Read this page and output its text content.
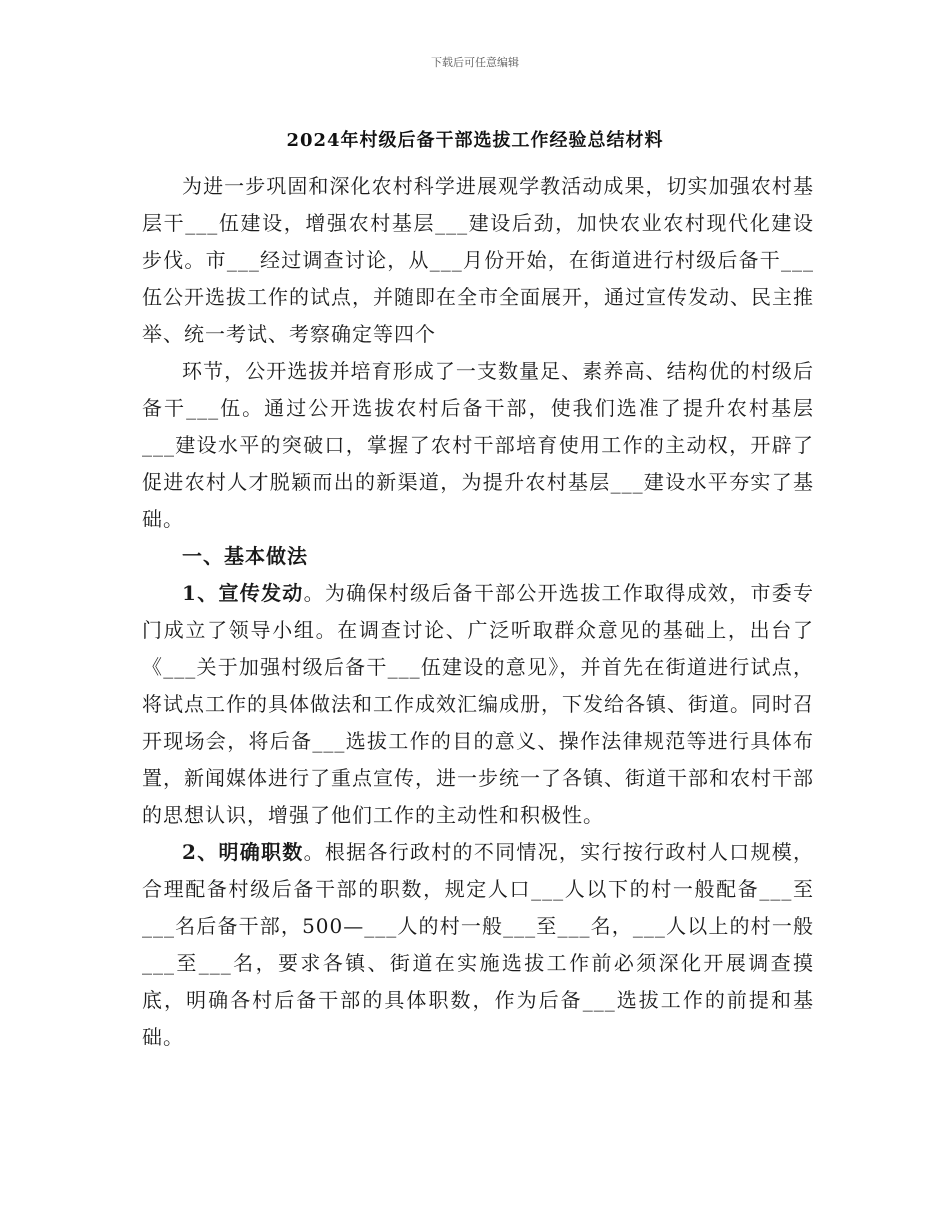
下载后可任意编辑
2024年村级后备干部选拔工作经验总结材料

为进一步巩固和深化农村科学进展观学教活动成果，切实加强农村基层干___伍建设，增强农村基层___建设后劲，加快农业农村现代化建设步伐。市___经过调查讨论，从___月份开始，在街道进行村级后备干___伍公开选拔工作的试点，并随即在全市全面展开，通过宣传发动、民主推举、统一考试、考察确定等四个

环节，公开选拔并培育形成了一支数量足、素养高、结构优的村级后备干___伍。通过公开选拔农村后备干部，使我们选准了提升农村基层___建设水平的突破口，掌握了农村干部培育使用工作的主动权，开辟了促进农村人才脱颖而出的新渠道，为提升农村基层___建设水平夯实了基础。

一、基本做法

1、宣传发动。为确保村级后备干部公开选拔工作取得成效，市委专门成立了领导小组。在调查讨论、广泛听取群众意见的基础上，出台了《___关于加强村级后备干___伍建设的意见》，并首先在街道进行试点，将试点工作的具体做法和工作成效汇编成册，下发给各镇、街道。同时召开现场会，将后备___选拔工作的目的意义、操作法律规范等进行具体布置，新闻媒体进行了重点宣传，进一步统一了各镇、街道干部和农村干部的思想认识，增强了他们工作的主动性和积极性。

2、明确职数。根据各行政村的不同情况，实行按行政村人口规模，合理配备村级后备干部的职数，规定人口___人以下的村一般配备___至___名后备干部，500—___人的村一般___至___名，___人以上的村一般___至___名，要求各镇、街道在实施选拔工作前必须深化开展调查摸底，明确各村后备干部的具体职数，作为后备___选拔工作的前提和基础。
